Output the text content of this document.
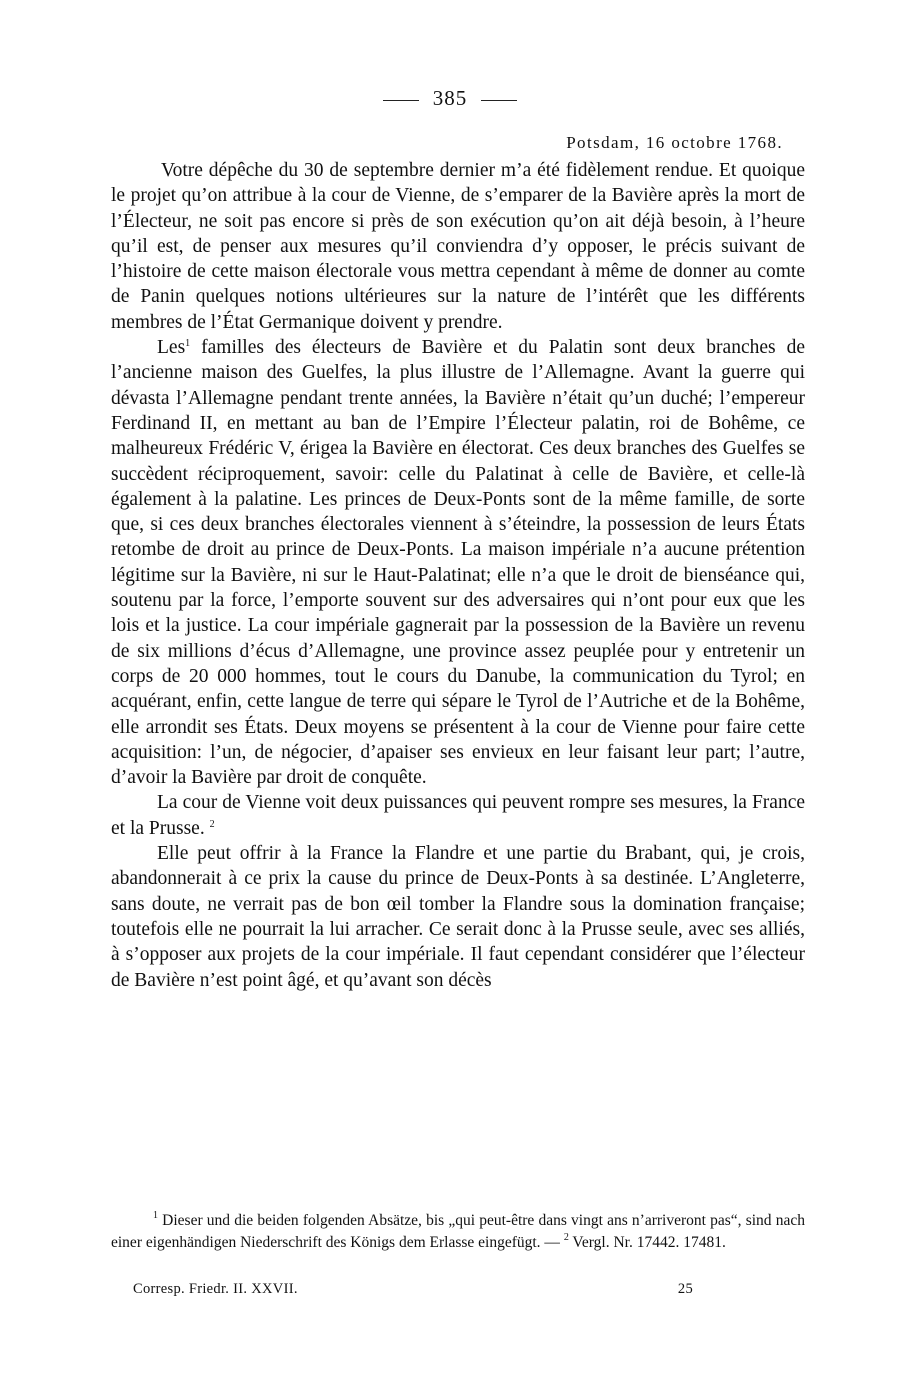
385
Potsdam, 16 octobre 1768.

Votre dépêche du 30 de septembre dernier m’a été fidèlement rendue. Et quoique le projet qu’on attribue à la cour de Vienne, de s’emparer de la Bavière après la mort de l’Électeur, ne soit pas encore si près de son exécution qu’on ait déjà besoin, à l’heure qu’il est, de penser aux mesures qu’il conviendra d’y opposer, le précis suivant de l’histoire de cette maison électorale vous mettra cependant à même de donner au comte de Panin quelques notions ultérieures sur la nature de l’intérêt que les différents membres de l’État Germanique doivent y prendre.

Les$^1$ familles des électeurs de Bavière et du Palatin sont deux branches de l’ancienne maison des Guelfes, la plus illustre de l’Allemagne. Avant la guerre qui dévasta l’Allemagne pendant trente années, la Bavière n’était qu’un duché; l’empereur Ferdinand II, en mettant au ban de l’Empire l’Électeur palatin, roi de Bohême, ce malheureux Frédéric V, érigea la Bavière en électorat. Ces deux branches des Guelfes se succèdent réciproquement, savoir: celle du Palatinat à celle de Bavière, et celle-là également à la palatine. Les princes de Deux-Ponts sont de la même famille, de sorte que, si ces deux branches électorales viennent à s’éteindre, la possession de leurs États retombe de droit au prince de Deux-Ponts. La maison impériale n’a aucune prétention légitime sur la Bavière, ni sur le Haut-Palatinat; elle n’a que le droit de bienséance qui, soutenu par la force, l’emporte souvent sur des adversaires qui n’ont pour eux que les lois et la justice. La cour impériale gagnerait par la possession de la Bavière un revenu de six millions d’écus d’Allemagne, une province assez peuplée pour y entretenir un corps de 20 000 hommes, tout le cours du Danube, la communication du Tyrol; en acquérant, enfin, cette langue de terre qui sépare le Tyrol de l’Autriche et de la Bohême, elle arrondit ses États. Deux moyens se présentent à la cour de Vienne pour faire cette acquisition: l’un, de négocier, d’apaiser ses envieux en leur faisant leur part; l’autre, d’avoir la Bavière par droit de conquête.

La cour de Vienne voit deux puissances qui peuvent rompre ses mesures, la France et la Prusse. $^2$

Elle peut offrir à la France la Flandre et une partie du Brabant, qui, je crois, abandonnerait à ce prix la cause du prince de Deux-Ponts à sa destinée. L’Angleterre, sans doute, ne verrait pas de bon œil tomber la Flandre sous la domination française; toutefois elle ne pourrait la lui arracher. Ce serait donc à la Prusse seule, avec ses alliés, à s’opposer aux projets de la cour impériale. Il faut cependant considérer que l’électeur de Bavière n’est point âgé, et qu’avant son décès

$^1$ Dieser und die beiden folgenden Absätze, bis „qui peut-être dans vingt ans n’arriveront pas“, sind nach einer eigenhändigen Niederschrift des Königs dem Erlasse eingefügt. — $^2$ Vergl. Nr. 17442. 17481.

Corresp. Friedr. II. XXVII.	25
